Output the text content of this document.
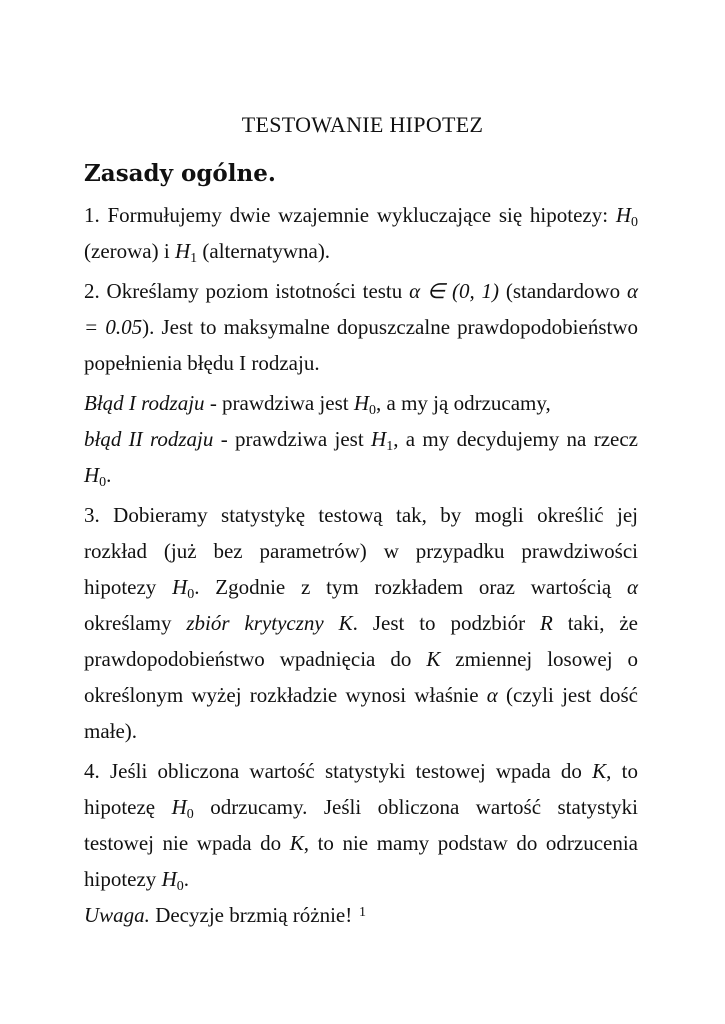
TESTOWANIE HIPOTEZ
Zasady ogólne.

1. Formułujemy dwie wzajemnie wykluczające się hipotezy: $H_0$ (zerowa) i $H_1$ (alternatywna).

2. Określamy poziom istotności testu α ∈ (0, 1) (standardowo α = 0.05). Jest to maksymalne dopuszczalne prawdopodobieństwo popełnienia błędu I rodzaju.

Błąd I rodzaju - prawdziwa jest $H_0$, a my ją odrzucamy,
błąd II rodzaju - prawdziwa jest $H_1$, a my decydujemy na rzecz $H_0$.

3. Dobieramy statystykę testową tak, by mogli określić jej rozkład (już bez parametrów) w przypadku prawdziwości hipotezy $H_0$. Zgodnie z tym rozkładem oraz wartością α określamy zbiór krytyczny K. Jest to podzbiór R taki, że prawdopodobieństwo wpadnięcia do K zmiennej losowej o określonym wyżej rozkładzie wynosi właśnie α (czyli jest dość małe).

4. Jeśli obliczona wartość statystyki testowej wpada do K, to hipotezę $H_0$ odrzucamy. Jeśli obliczona wartość statystyki testowej nie wpada do K, to nie mamy podstaw do odrzucenia hipotezy $H_0$.

Uwaga. Decyzje brzmią różnie! 1
